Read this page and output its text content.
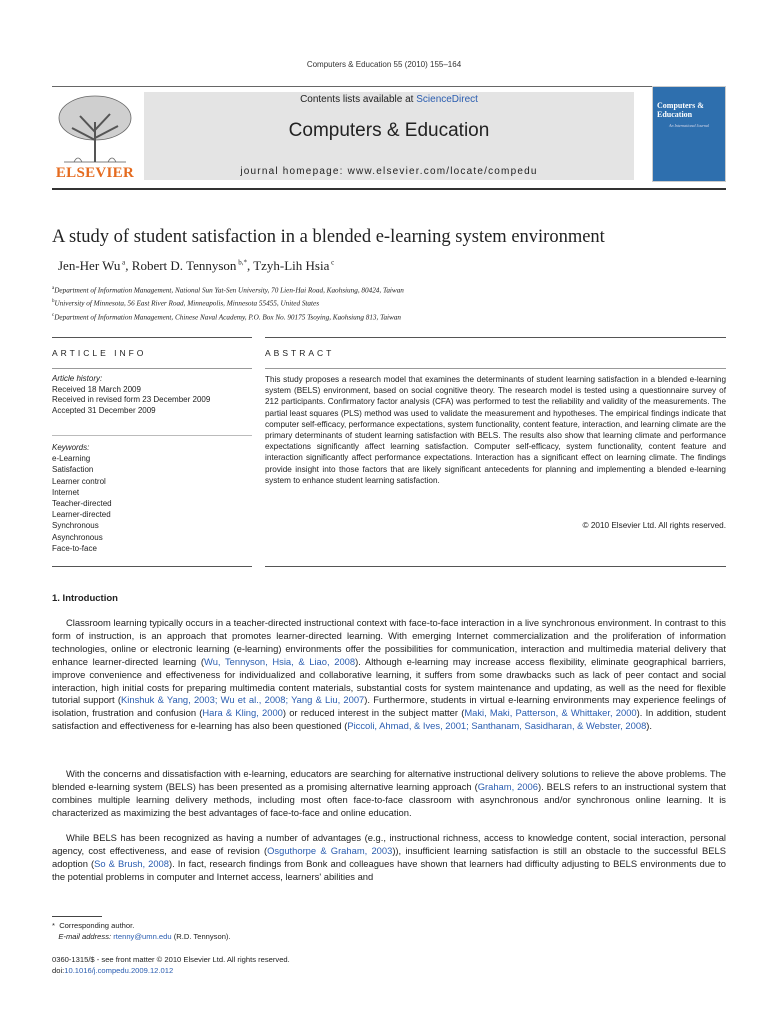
Computers & Education 55 (2010) 155–164
ELSEVIER
Contents lists available at ScienceDirect
Computers & Education
journal homepage: www.elsevier.com/locate/compedu
Computers & Education
An International Journal
A study of student satisfaction in a blended e-learning system environment
Jen-Her Wu $^a$, Robert D. Tennyson $^{b,*}$, Tzyh-Lih Hsia $^c$
$^a$Department of Information Management, National Sun Yat-Sen University, 70 Lien-Hai Road, Kaohsiung, 80424, Taiwan
$^b$University of Minnesota, 56 East River Road, Minneapolis, Minnesota 55455, United States
$^c$Department of Information Management, Chinese Naval Academy, P.O. Box No. 90175 Tsoying, Kaohsiung 813, Taiwan
ARTICLE INFO	ABSTRACT
Article history:
Received 18 March 2009
Received in revised form 23 December 2009
Accepted 31 December 2009
Keywords:
e-Learning
Satisfaction
Learner control
Internet
Teacher-directed
Learner-directed
Synchronous
Asynchronous
Face-to-face
This study proposes a research model that examines the determinants of student learning satisfaction in a blended e-learning system (BELS) environment, based on social cognitive theory. The research model is tested using a questionnaire survey of 212 participants. Confirmatory factor analysis (CFA) was performed to test the reliability and validity of the measurements. The partial least squares (PLS) method was used to validate the measurement and hypotheses. The empirical findings indicate that computer self-efficacy, performance expectations, system functionality, content feature, interaction, and learning climate are the primary determinants of student learning satisfaction with BELS. The results also show that learning climate and performance expectations significantly affect learning satisfaction. Computer self-efficacy, system functionality, content feature and interaction significantly affect performance expectations. Interaction has a significant effect on learning climate. The findings provide insight into those factors that are likely significant antecedents for planning and implementing a blended e-learning system to enhance student learning satisfaction.
© 2010 Elsevier Ltd. All rights reserved.
1. Introduction
Classroom learning typically occurs in a teacher-directed instructional context with face-to-face interaction in a live synchronous environment. In contrast to this form of instruction, is an approach that promotes learner-directed learning. With emerging Internet commercialization and the proliferation of information technologies, online or electronic learning (e-learning) environments offer the possibilities for communication, interaction and multimedia material delivery that enhance learner-directed learning (Wu, Tennyson, Hsia, & Liao, 2008). Although e-learning may increase access flexibility, eliminate geographical barriers, improve convenience and effectiveness for individualized and collaborative learning, it suffers from some drawbacks such as lack of peer contact and social interaction, high initial costs for preparing multimedia content materials, substantial costs for system maintenance and updating, as well as the need for flexible tutorial support (Kinshuk & Yang, 2003; Wu et al., 2008; Yang & Liu, 2007). Furthermore, students in virtual e-learning environments may experience feelings of isolation, frustration and confusion (Hara & Kling, 2000) or reduced interest in the subject matter (Maki, Maki, Patterson, & Whittaker, 2000). In addition, student satisfaction and effectiveness for e-learning has also been questioned (Piccoli, Ahmad, & Ives, 2001; Santhanam, Sasidharan, & Webster, 2008).
With the concerns and dissatisfaction with e-learning, educators are searching for alternative instructional delivery solutions to relieve the above problems. The blended e-learning system (BELS) has been presented as a promising alternative learning approach (Graham, 2006). BELS refers to an instructional system that combines multiple learning delivery methods, including most often face-to-face classroom with asynchronous and/or synchronous online learning. It is characterized as maximizing the best advantages of face-to-face and online education.
While BELS has been recognized as having a number of advantages (e.g., instructional richness, access to knowledge content, social interaction, personal agency, cost effectiveness, and ease of revision (Osguthorpe & Graham, 2003)), insufficient learning satisfaction is still an obstacle to the successful BELS adoption (So & Brush, 2008). In fact, research findings from Bonk and colleagues have shown that learners had difficulty adjusting to BELS environments due to the potential problems in computer and Internet access, learners' abilities and
* Corresponding author.
E-mail address: rtenny@umn.edu (R.D. Tennyson).
0360-1315/$ - see front matter © 2010 Elsevier Ltd. All rights reserved.
doi:10.1016/j.compedu.2009.12.012
